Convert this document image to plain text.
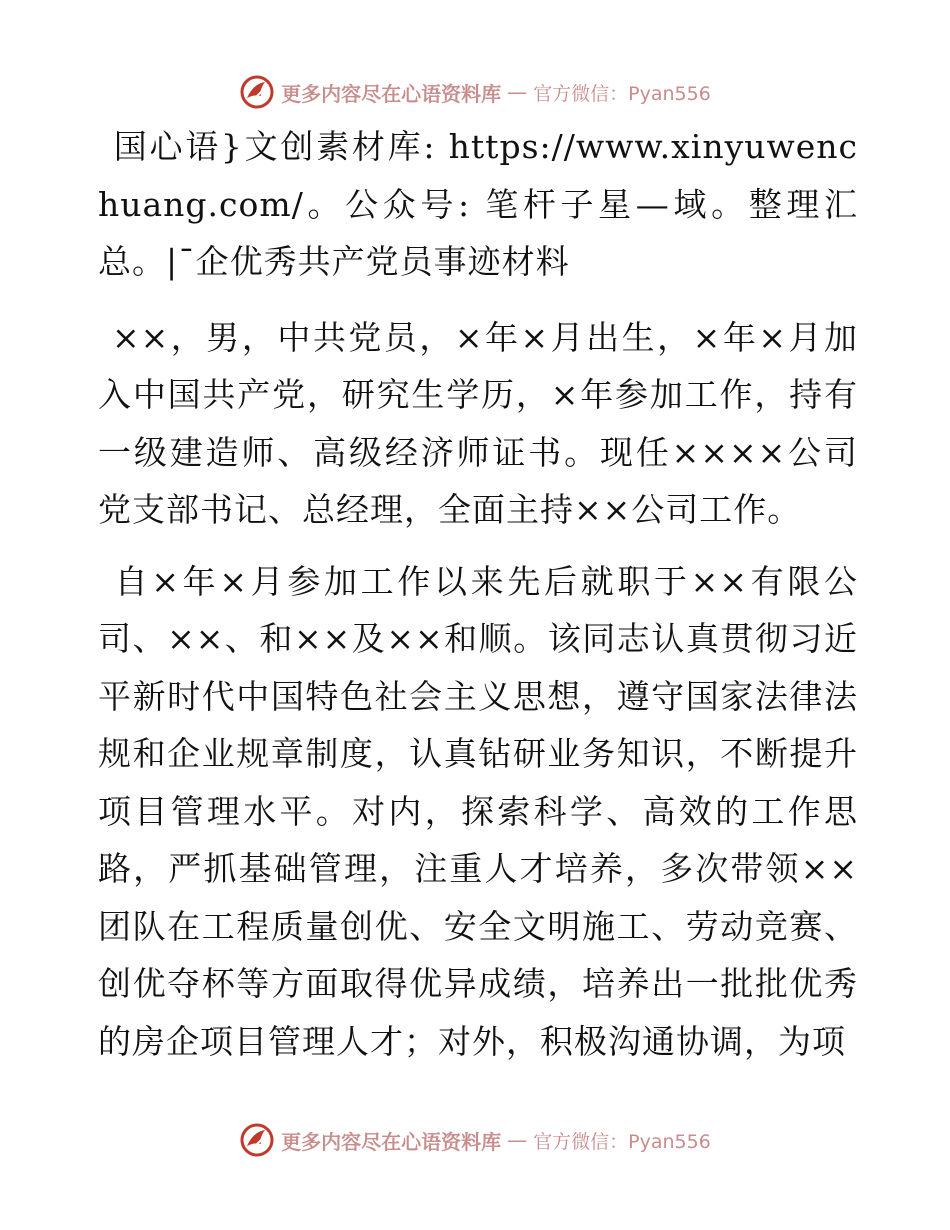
更多内容尽在心语资料库 — 官方微信：Pyan556

国心语}文创素材库: https://www.xinyuwenchuang.com/。公众号: 笔杆子星—域。整理汇总。|¯企优秀共产党员事迹材料

××，男，中共党员，×年×月出生，×年×月加入中国共产党，研究生学历，×年参加工作，持有一级建造师、高级经济师证书。现任××××公司党支部书记、总经理，全面主持××公司工作。

自×年×月参加工作以来先后就职于××有限公司、××、和××及××和顺。该同志认真贯彻习近平新时代中国特色社会主义思想，遵守国家法律法规和企业规章制度，认真钻研业务知识，不断提升项目管理水平。对内，探索科学、高效的工作思路，严抓基础管理，注重人才培养，多次带领××团队在工程质量创优、安全文明施工、劳动竞赛、创优夺杯等方面取得优异成绩，培养出一批批优秀的房企项目管理人才；对外，积极沟通协调，为项

更多内容尽在心语资料库 — 官方微信：Pyan556
